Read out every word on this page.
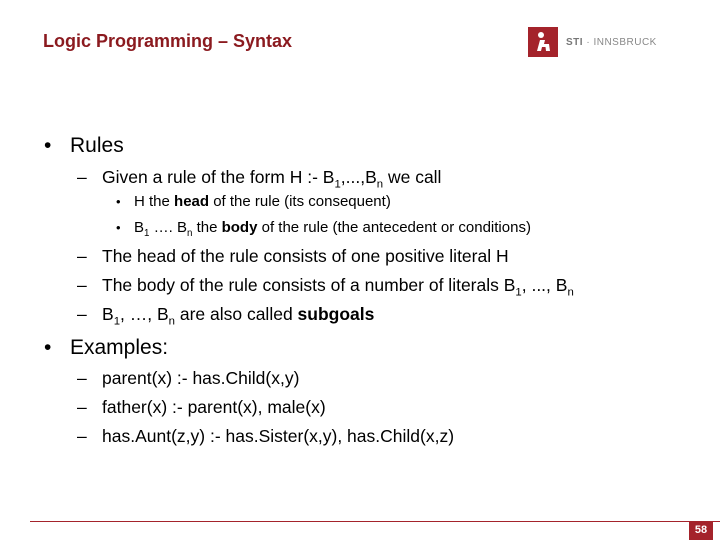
Logic Programming – Syntax	STI · INNSBRUCK
• Rules
– Given a rule of the form H :- $B_1,...,B_n$ we call
• H the head of the rule (its consequent)
• $B_1$ …. $B_n$ the body of the rule (the antecedent or conditions)
– The head of the rule consists of one positive literal H
– The body of the rule consists of a number of literals $B_1$, ..., $B_n$
– $B_1$, …, $B_n$ are also called subgoals
• Examples:
– parent(x) :- has.Child(x,y)
– father(x) :- parent(x), male(x)
– has.Aunt(z,y) :- has.Sister(x,y), has.Child(x,z)
58
